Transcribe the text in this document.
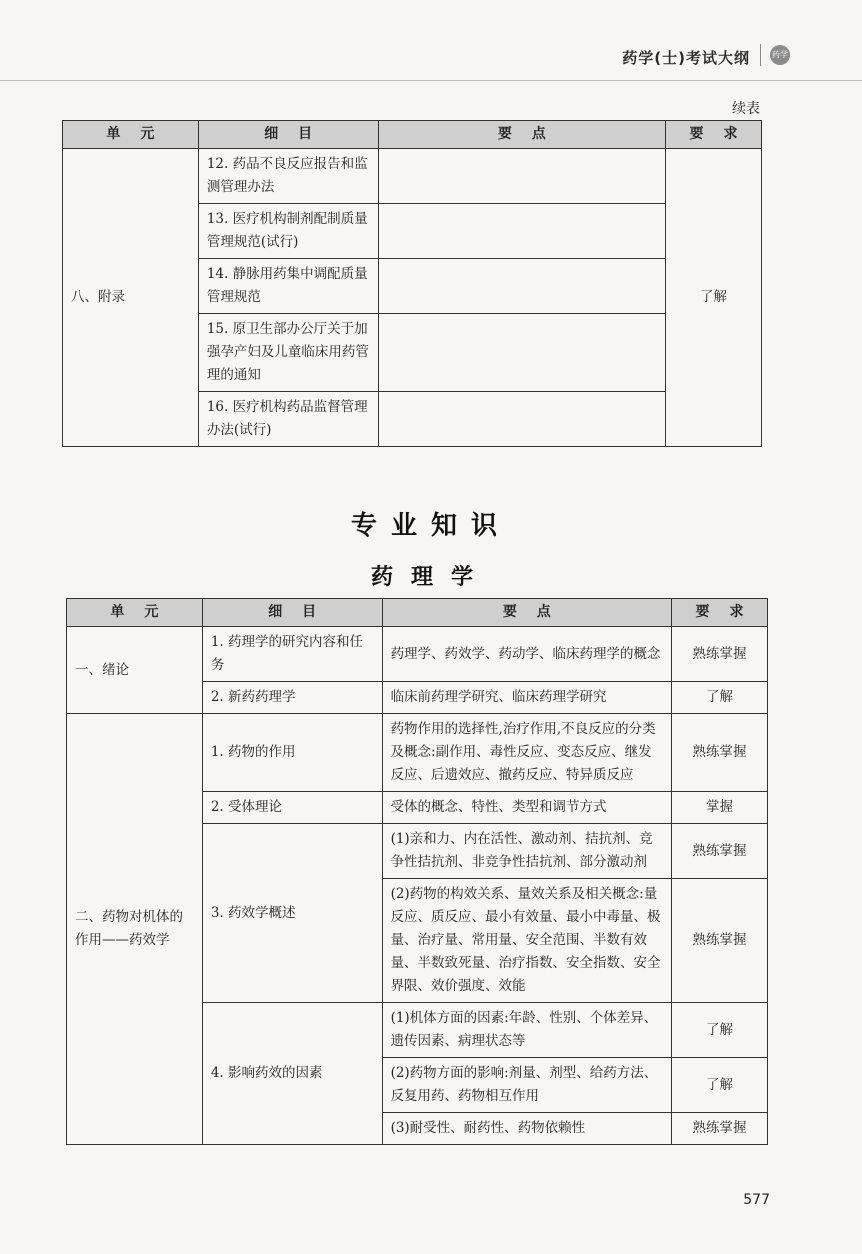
药学(士)考试大纲	药学
续表
单元	细目	要点	要求
八、附录	12. 药品不良反应报告和监测管理办法		了解
	13. 医疗机构制剂配制质量管理规范(试行)		
	14. 静脉用药集中调配质量管理规范		
	15. 原卫生部办公厅关于加强孕产妇及儿童临床用药管理的通知		
	16. 医疗机构药品监督管理办法(试行)		
专业知识
药理学
单元	细目	要点	要求
一、绪论	1. 药理学的研究内容和任务	药理学、药效学、药动学、临床药理学的概念	熟练掌握
	2. 新药药理学	临床前药理学研究、临床药理学研究	了解
二、药物对机体的作用——药效学	1. 药物的作用	药物作用的选择性,治疗作用,不良反应的分类及概念:副作用、毒性反应、变态反应、继发反应、后遗效应、撤药反应、特异质反应	熟练掌握
	2. 受体理论	受体的概念、特性、类型和调节方式	掌握
	3. 药效学概述	(1)亲和力、内在活性、激动剂、拮抗剂、竞争性拮抗剂、非竞争性拮抗剂、部分激动剂	熟练掌握
		(2)药物的构效关系、量效关系及相关概念:量反应、质反应、最小有效量、最小中毒量、极量、治疗量、常用量、安全范围、半数有效量、半数致死量、治疗指数、安全指数、安全界限、效价强度、效能	熟练掌握
	4. 影响药效的因素	(1)机体方面的因素:年龄、性别、个体差异、遗传因素、病理状态等	了解
		(2)药物方面的影响:剂量、剂型、给药方法、反复用药、药物相互作用	了解
		(3)耐受性、耐药性、药物依赖性	熟练掌握
577
